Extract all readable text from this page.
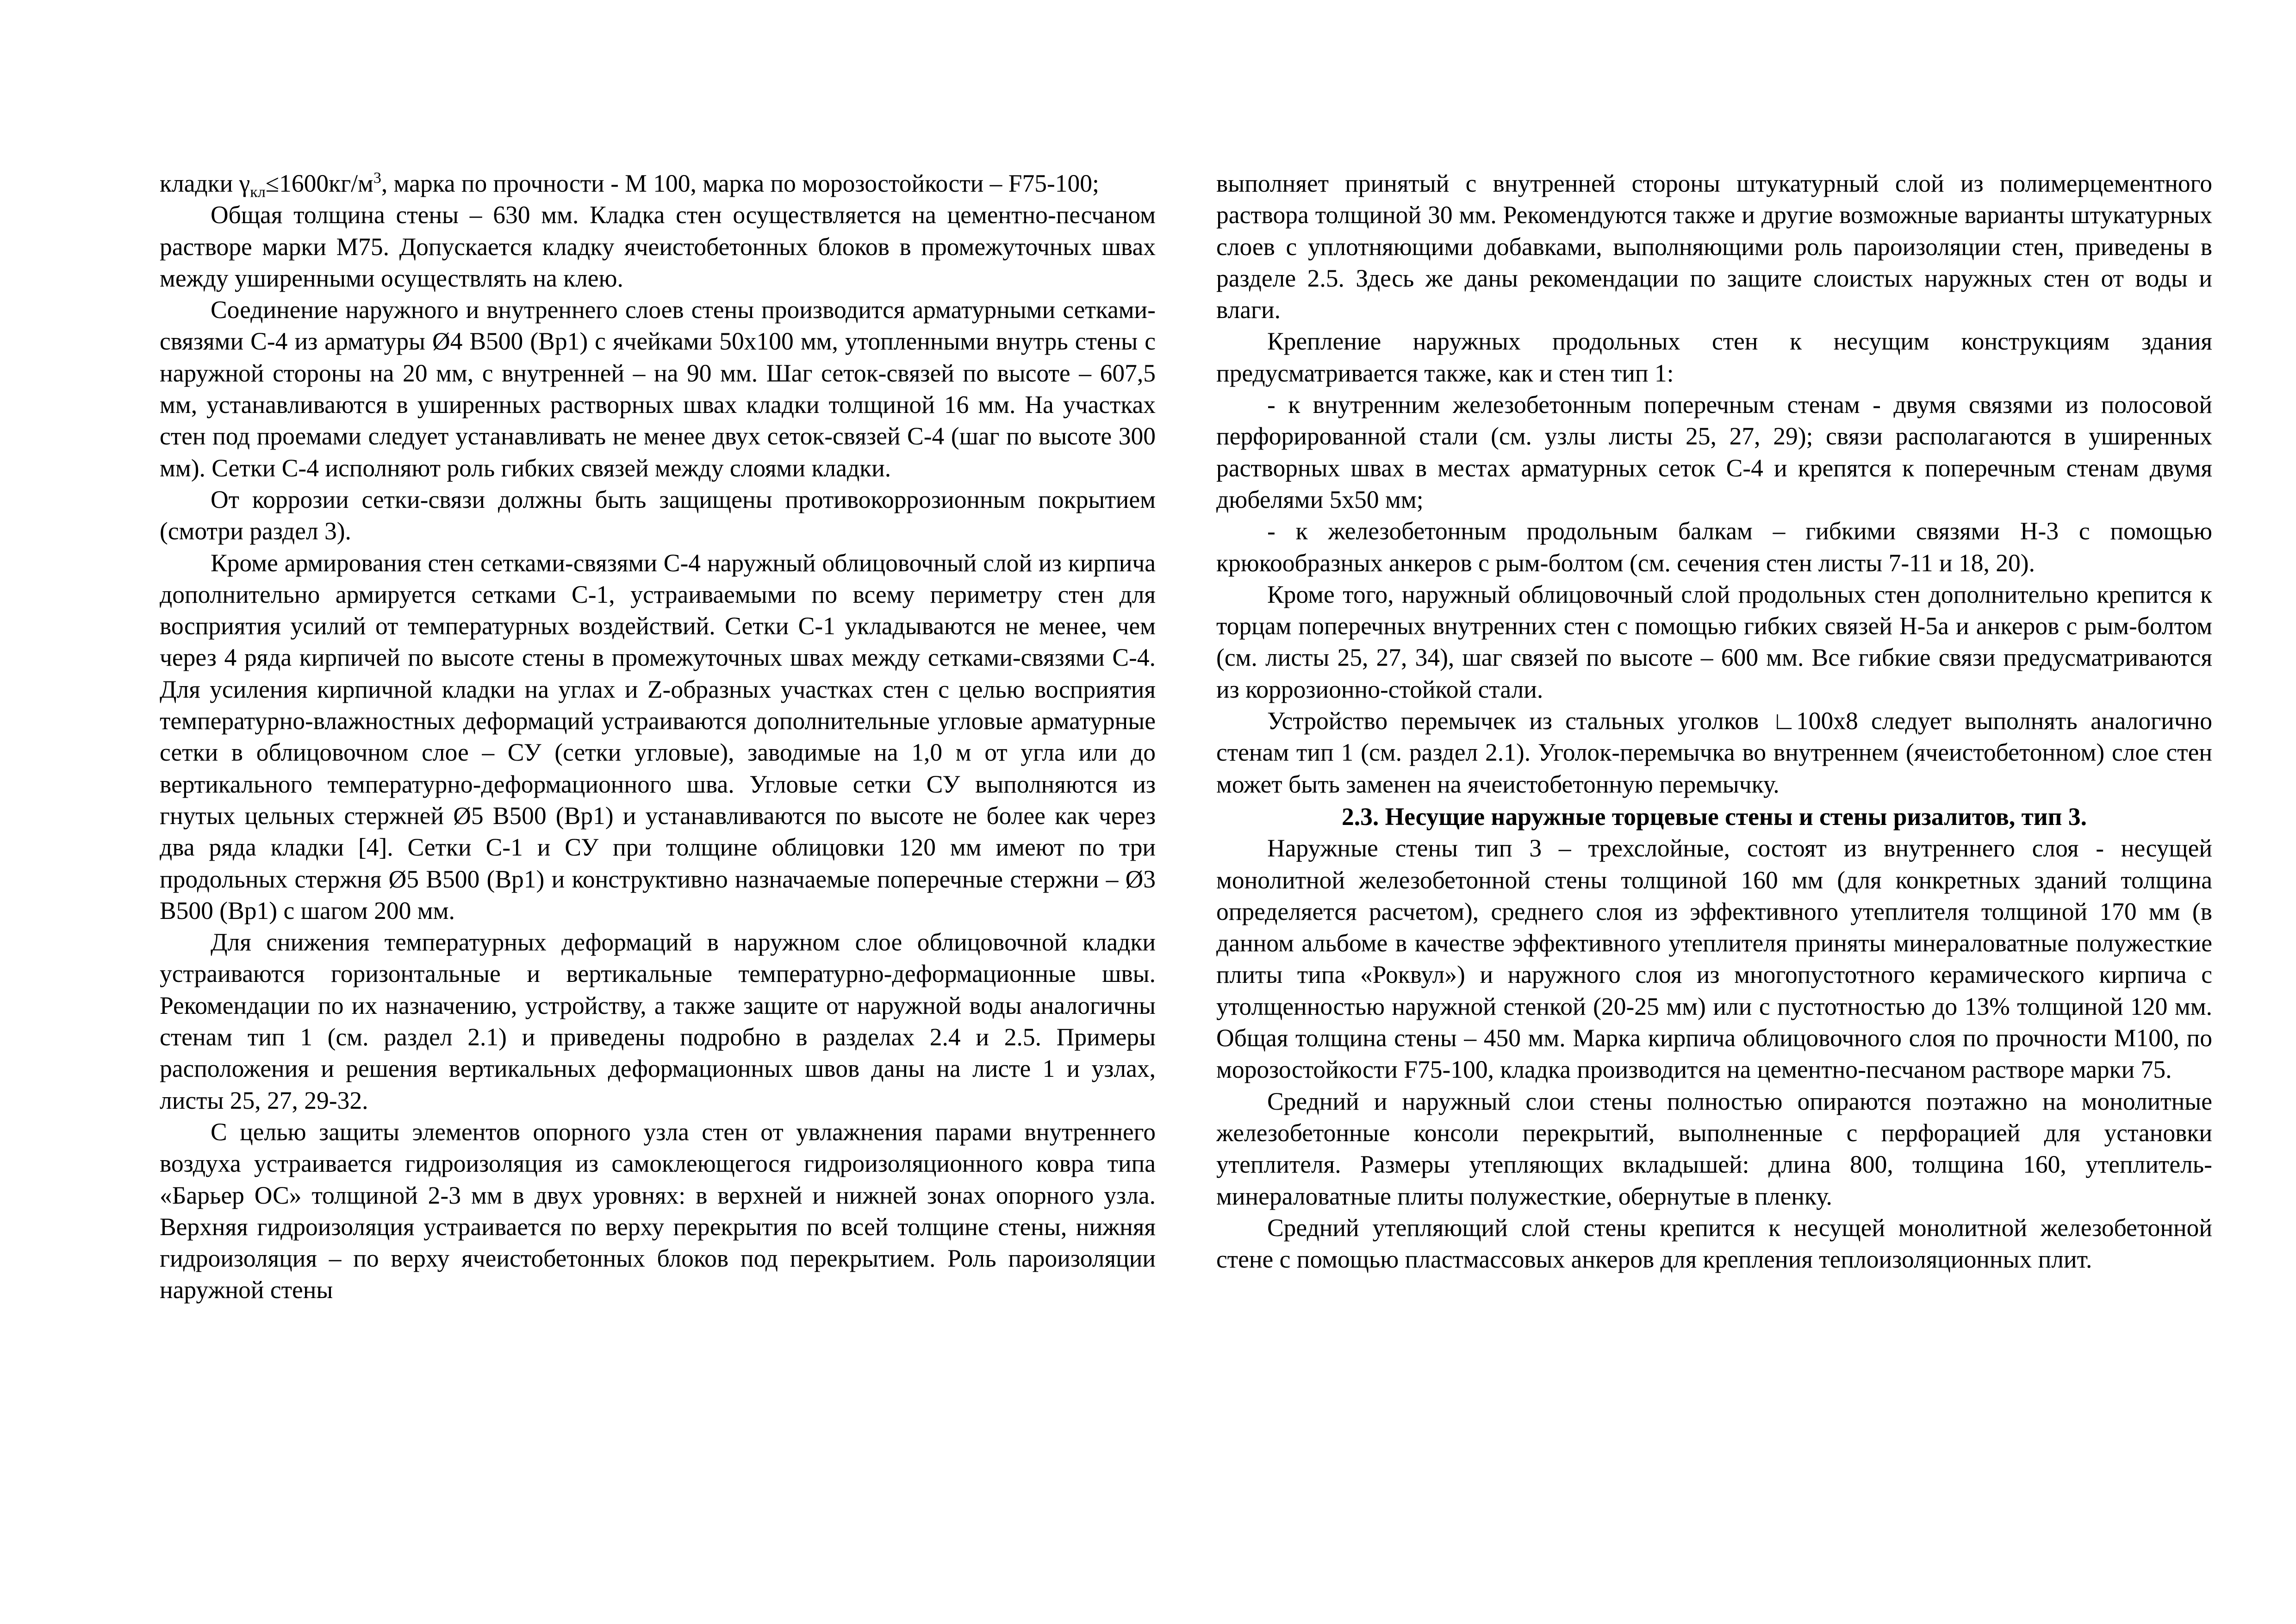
кладки $\gamma_{кл}\le 1600кг/м^3$, марка по прочности - М 100, марка по морозостойкости – F75-100;

Общая толщина стены – 630 мм. Кладка стен осуществляется на цементно-песчаном растворе марки М75. Допускается кладку ячеистобетонных блоков в промежуточных швах между уширенными осуществлять на клею.

Соединение наружного и внутреннего слоев стены производится арматурными сетками-связями С-4 из арматуры Ø4 В500 (Вр1) с ячейками 50х100 мм, утопленными внутрь стены с наружной стороны на 20 мм, с внутренней – на 90 мм. Шаг сеток-связей по высоте – 607,5 мм, устанавливаются в уширенных растворных швах кладки толщиной 16 мм. На участках стен под проемами следует устанавливать не менее двух сеток-связей С-4 (шаг по высоте 300 мм). Сетки С-4 исполняют роль гибких связей между слоями кладки.

От коррозии сетки-связи должны быть защищены противокоррозионным покрытием (смотри раздел 3).

Кроме армирования стен сетками-связями С-4 наружный облицовочный слой из кирпича дополнительно армируется сетками С-1, устраиваемыми по всему периметру стен для восприятия усилий от температурных воздействий. Сетки С-1 укладываются не менее, чем через 4 ряда кирпичей по высоте стены в промежуточных швах между сетками-связями С-4. Для усиления кирпичной кладки на углах и Z-образных участках стен с целью восприятия температурно-влажностных деформаций устраиваются дополнительные угловые арматурные сетки в облицовочном слое – СУ (сетки угловые), заводимые на 1,0 м от угла или до вертикального температурно-деформационного шва. Угловые сетки СУ выполняются из гнутых цельных стержней Ø5 В500 (Вр1) и устанавливаются по высоте не более как через два ряда кладки [4]. Сетки С-1 и СУ при толщине облицовки 120 мм имеют по три продольных стержня Ø5 В500 (Вр1) и конструктивно назначаемые поперечные стержни – Ø3 В500 (Вр1) с шагом 200 мм.

Для снижения температурных деформаций в наружном слое облицовочной кладки устраиваются горизонтальные и вертикальные температурно-деформационные швы. Рекомендации по их назначению, устройству, а также защите от наружной воды аналогичны стенам тип 1 (см. раздел 2.1) и приведены подробно в разделах 2.4 и 2.5. Примеры расположения и решения вертикальных деформационных швов даны на листе 1 и узлах, листы 25, 27, 29-32.

С целью защиты элементов опорного узла стен от увлажнения парами внутреннего воздуха устраивается гидроизоляция из самоклеющегося гидроизоляционного ковра типа «Барьер ОС» толщиной 2-3 мм в двух уровнях: в верхней и нижней зонах опорного узла. Верхняя гидроизоляция устраивается по верху перекрытия по всей толщине стены, нижняя гидроизоляция – по верху ячеистобетонных блоков под перекрытием. Роль пароизоляции наружной стены

выполняет принятый с внутренней стороны штукатурный слой из полимерцементного раствора толщиной 30 мм. Рекомендуются также и другие возможные варианты штукатурных слоев с уплотняющими добавками, выполняющими роль пароизоляции стен, приведены в разделе 2.5. Здесь же даны рекомендации по защите слоистых наружных стен от воды и влаги.

Крепление наружных продольных стен к несущим конструкциям здания предусматривается также, как и стен тип 1:

- к внутренним железобетонным поперечным стенам - двумя связями из полосовой перфорированной стали (см. узлы листы 25, 27, 29); связи располагаются в уширенных растворных швах в местах арматурных сеток С-4 и крепятся к поперечным стенам двумя дюбелями 5х50 мм;

- к железобетонным продольным балкам – гибкими связями Н-3 с помощью крюкообразных анкеров с рым-болтом (см. сечения стен листы 7-11 и 18, 20).

Кроме того, наружный облицовочный слой продольных стен дополнительно крепится к торцам поперечных внутренних стен с помощью гибких связей Н-5а и анкеров с рым-болтом (см. листы 25, 27, 34), шаг связей по высоте – 600 мм. Все гибкие связи предусматриваются из коррозионно-стойкой стали.

Устройство перемычек из стальных уголков ∟100х8 следует выполнять аналогично стенам тип 1 (см. раздел 2.1). Уголок-перемычка во внутреннем (ячеистобетонном) слое стен может быть заменен на ячеистобетонную перемычку.

2.3. Несущие наружные торцевые стены и стены ризалитов, тип 3.

Наружные стены тип 3 – трехслойные, состоят из внутреннего слоя - несущей монолитной железобетонной стены толщиной 160 мм (для конкретных зданий толщина определяется расчетом), среднего слоя из эффективного утеплителя толщиной 170 мм (в данном альбоме в качестве эффективного утеплителя приняты минераловатные полужесткие плиты типа «Роквул») и наружного слоя из многопустотного керамического кирпича с утолщенностью наружной стенкой (20-25 мм) или с пустотностью до 13% толщиной 120 мм. Общая толщина стены – 450 мм. Марка кирпича облицовочного слоя по прочности М100, по морозостойкости F75-100, кладка производится на цементно-песчаном растворе марки 75.

Средний и наружный слои стены полностью опираются поэтажно на монолитные железобетонные консоли перекрытий, выполненные с перфорацией для установки утеплителя. Размеры утепляющих вкладышей: длина 800, толщина 160, утеплитель-минераловатные плиты полужесткие, обернутые в пленку.

Средний утепляющий слой стены крепится к несущей монолитной железобетонной стене с помощью пластмассовых анкеров для крепления теплоизоляционных плит.
